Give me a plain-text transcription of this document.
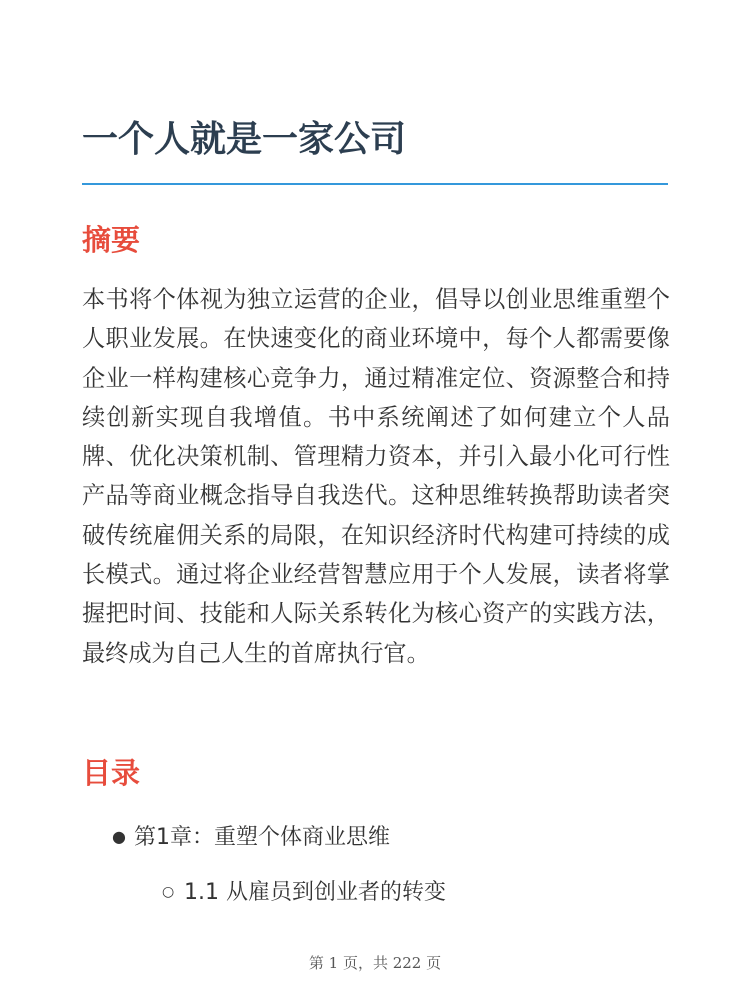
一个人就是一家公司
摘要

本书将个体视为独立运营的企业，倡导以创业思维重塑个人职业发展。在快速变化的商业环境中，每个人都需要像企业一样构建核心竞争力，通过精准定位、资源整合和持续创新实现自我增值。书中系统阐述了如何建立个人品牌、优化决策机制、管理精力资本，并引入最小化可行性产品等商业概念指导自我迭代。这种思维转换帮助读者突破传统雇佣关系的局限，在知识经济时代构建可持续的成长模式。通过将企业经营智慧应用于个人发展，读者将掌握把时间、技能和人际关系转化为核心资产的实践方法，最终成为自己人生的首席执行官。

目录
● 第1章：重塑个体商业思维
○ 1.1 从雇员到创业者的转变
第 1 页，共 222 页
